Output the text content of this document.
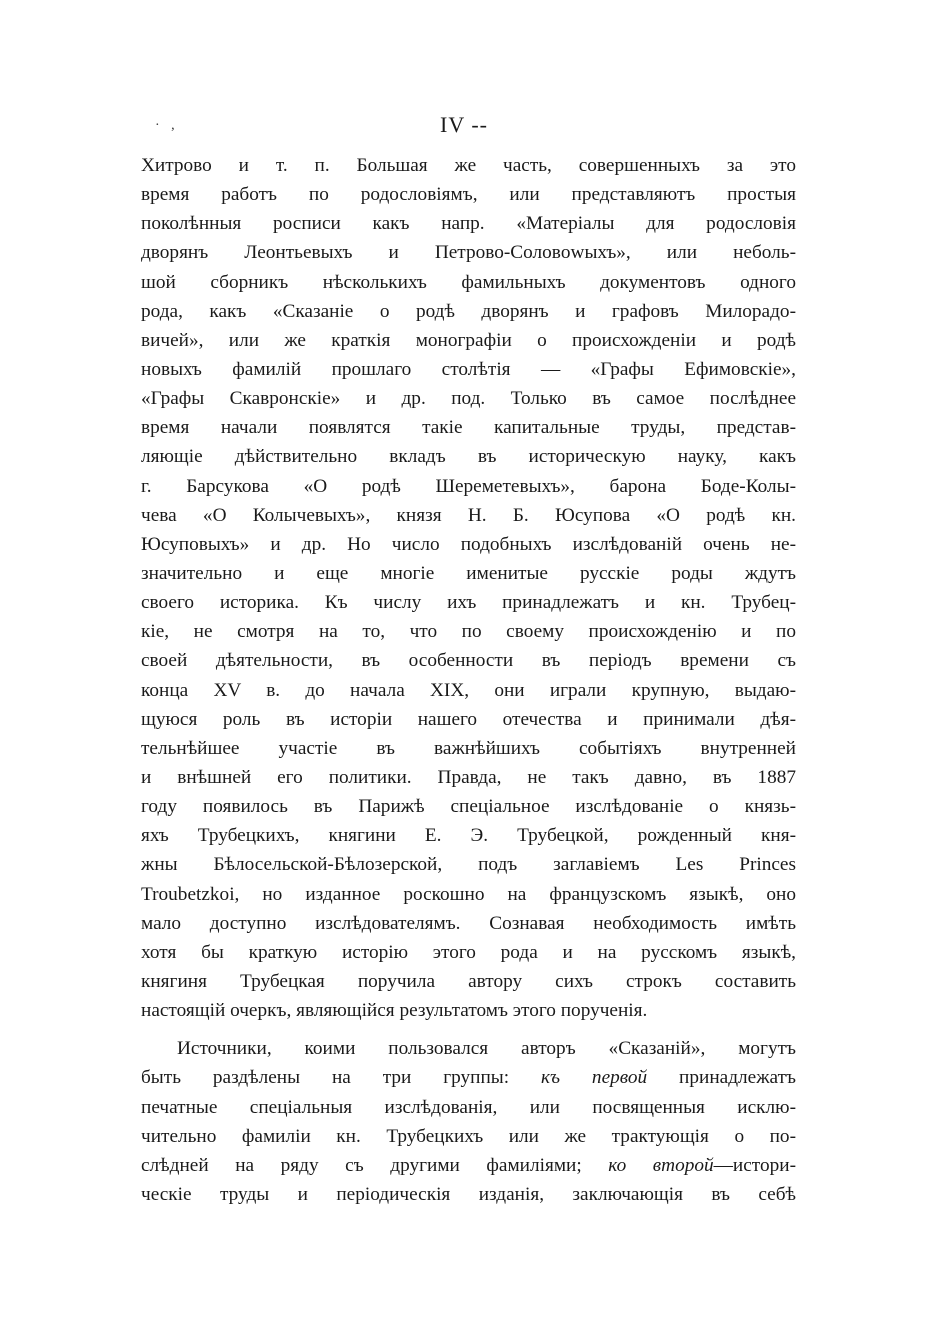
· ,	IV --
Хитрово и т. п. Большая же часть, совершенныхъ за это
время работъ по родословiямъ, или представляютъ простыя
поколѣнныя росписи какъ напр. «Матерiалы для родословiя
дворянъ Леонтьевыхъ и Петрово-Соловowыхъ», или неболь-
шой сборникъ нѣсколькихъ фамильныхъ документовъ одного
рода, какъ «Сказанiе о родѣ дворянъ и графовъ Милорадо-
вичей», или же краткiя монографiи о происхожденiи и родѣ
новыхъ фамилiй прошлаго столѣтiя — «Графы Ефимовскiе»,
«Графы Скавронскiе» и др. под. Только въ самое послѣднее
время начали появлятся такiе капитальные труды, представ-
ляющiе дѣйствительно вкладъ въ историческую науку, какъ
г. Барсукова «О родѣ Шереметевыхъ», барона Боде-Колы-
чева «О Колычевыхъ», князя Н. Б. Юсупова «О родѣ кн.
Юсуповыхъ» и др. Но число подобныхъ изслѣдованiй очень не-
значительно и еще многiе именитые русскiе роды ждутъ
своего историка. Къ числу ихъ принадлежатъ и кн. Трубец-
кiе, не смотря на то, что по своему происхожденiю и по
своей дѣятельности, въ особенности въ перiодъ времени съ
конца XV в. до начала XIX, они играли крупную, выдаю-
щуюся роль въ исторiи нашего отечества и принимали дѣя-
тельнѣйшее участiе въ важнѣйшихъ событiяхъ внутренней
и внѣшней его политики. Правда, не такъ давно, въ 1887
году появилось въ Парижѣ спецiальное изслѣдованiе о князь-
яхъ Трубецкихъ, княгини Е. Э. Трубецкой, рожденный кня-
жны Бѣлосельской-Бѣлозерской, подъ заглавiемъ Les Princes
Troubetzkoi, но изданное роскошно на французскомъ языкѣ, оно
мало доступно изслѣдователямъ. Сознавая необходимость имѣть
хотя бы краткую исторiю этого рода и на русскомъ языкѣ,
княгиня Трубецкая поручила автору сихъ строкъ составить
настоящiй очеркъ, являющiйся результатомъ этого порученiя.
Источники, коими пользовался авторъ «Сказанiй», могутъ
быть раздѣлены на три группы: къ первой принадлежатъ
печатные спецiальныя изслѣдованiя, или посвященныя исклю-
чительно фамилiи кн. Трубецкихъ или же трактующiя о по-
слѣдней на ряду съ другими фамилiями; ко второй—истори-
ческiе труды и перiодическiя изданiя, заключающiя въ себѣ
